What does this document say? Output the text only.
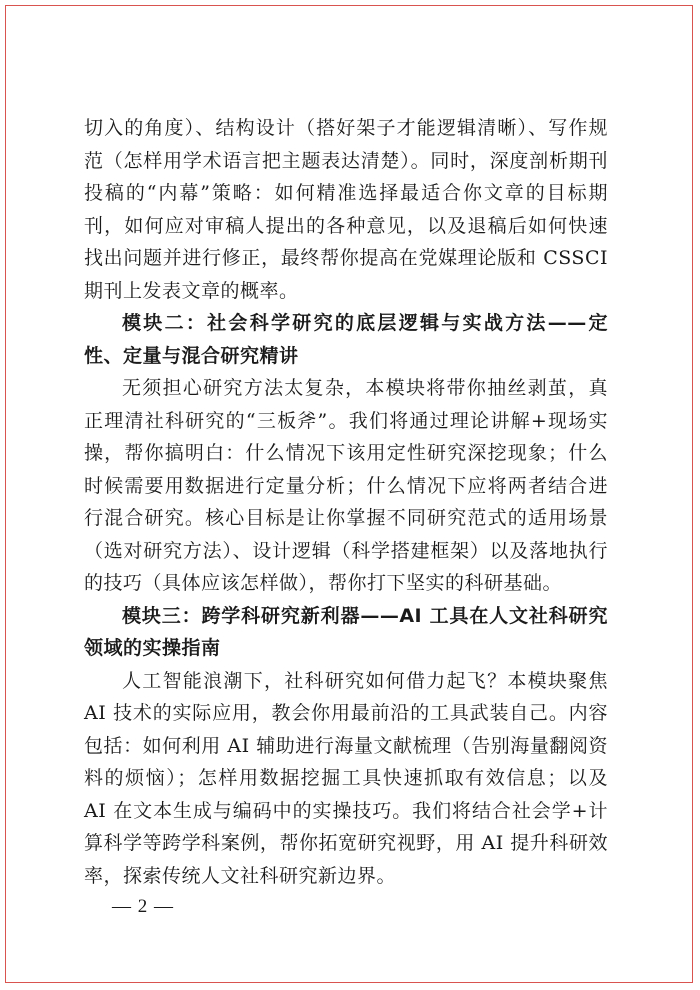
切入的角度）、结构设计（搭好架子才能逻辑清晰）、写作规范（怎样用学术语言把主题表达清楚）。同时，深度剖析期刊投稿的“内幕”策略：如何精准选择最适合你文章的目标期刊，如何应对审稿人提出的各种意见，以及退稿后如何快速找出问题并进行修正，最终帮你提高在党媒理论版和 CSSCI 期刊上发表文章的概率。

模块二：社会科学研究的底层逻辑与实战方法——定性、定量与混合研究精讲

无须担心研究方法太复杂，本模块将带你抽丝剥茧，真正理清社科研究的“三板斧”。我们将通过理论讲解+现场实操，帮你搞明白：什么情况下该用定性研究深挖现象；什么时候需要用数据进行定量分析；什么情况下应将两者结合进行混合研究。核心目标是让你掌握不同研究范式的适用场景（选对研究方法）、设计逻辑（科学搭建框架）以及落地执行的技巧（具体应该怎样做），帮你打下坚实的科研基础。

模块三：跨学科研究新利器——AI 工具在人文社科研究领域的实操指南

人工智能浪潮下，社科研究如何借力起飞？本模块聚焦 AI 技术的实际应用，教会你用最前沿的工具武装自己。内容包括：如何利用 AI 辅助进行海量文献梳理（告别海量翻阅资料的烦恼）；怎样用数据挖掘工具快速抓取有效信息；以及 AI 在文本生成与编码中的实操技巧。我们将结合社会学+计算科学等跨学科案例，帮你拓宽研究视野，用 AI 提升科研效率，探索传统人文社科研究新边界。

— 2 —
